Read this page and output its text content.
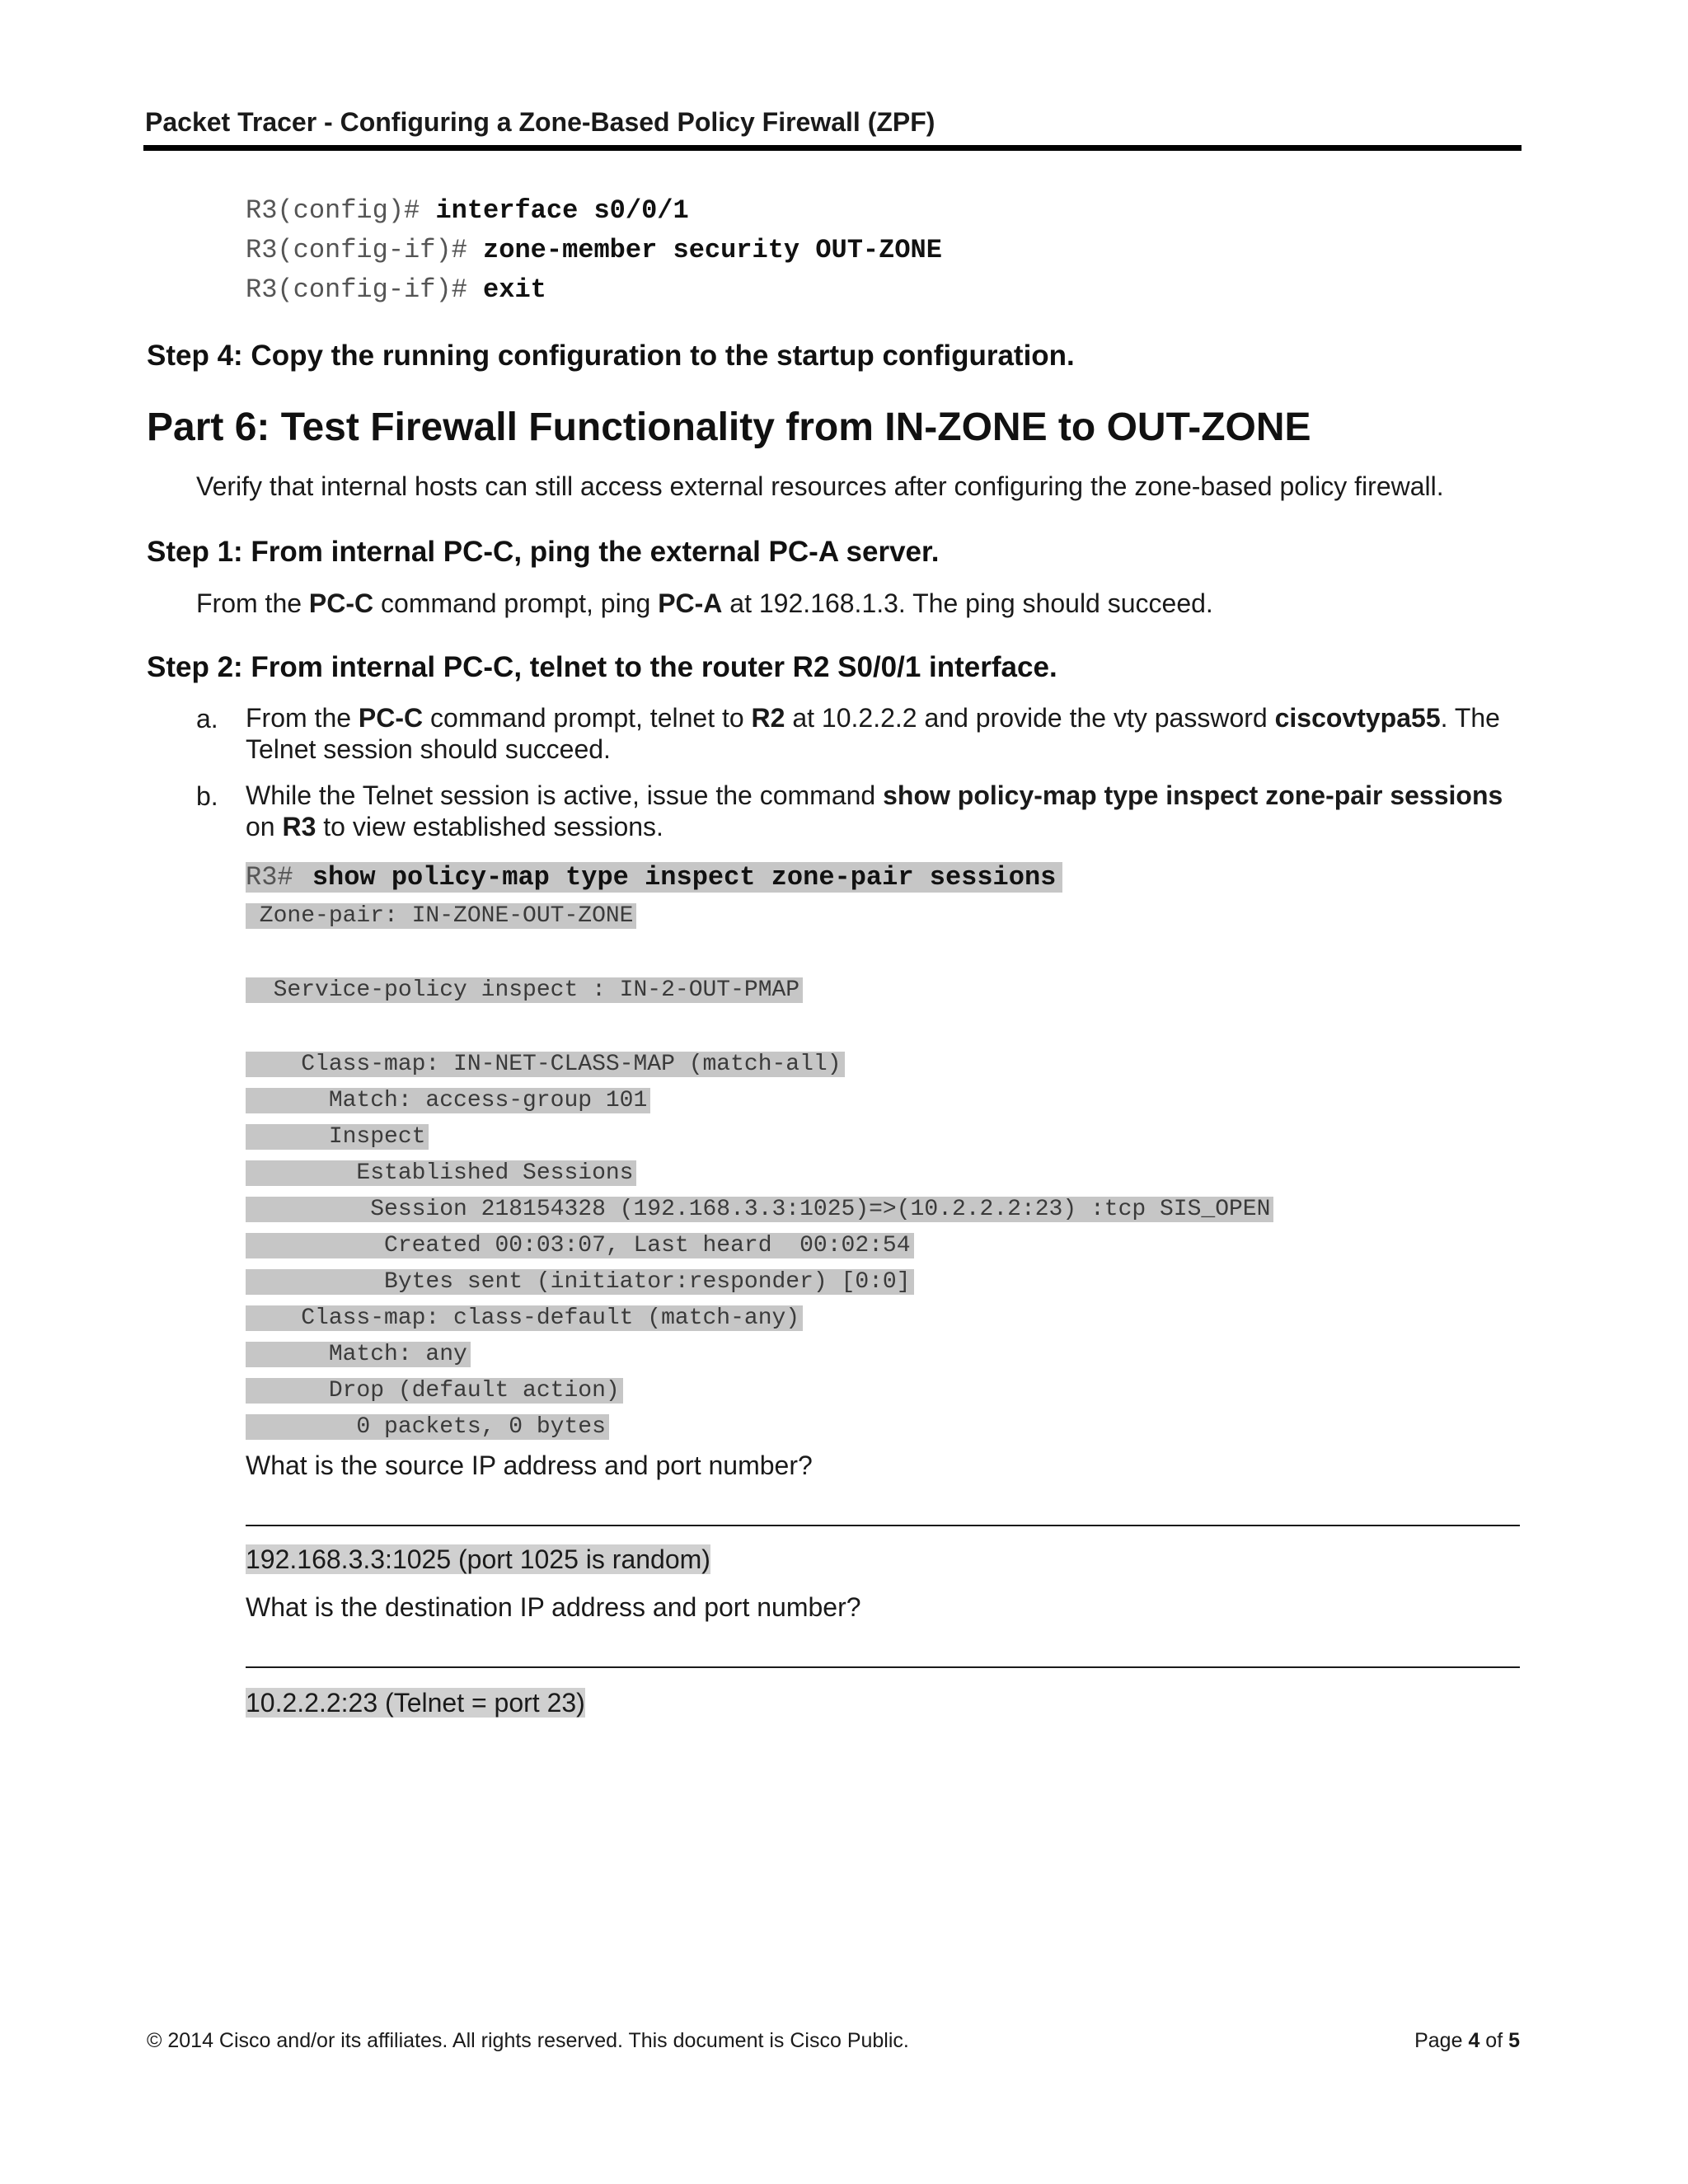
Packet Tracer - Configuring a Zone-Based Policy Firewall (ZPF)
R3(config)# interface s0/0/1
R3(config-if)# zone-member security OUT-ZONE
R3(config-if)# exit
Step 4: Copy the running configuration to the startup configuration.
Part 6: Test Firewall Functionality from IN-ZONE to OUT-ZONE
Verify that internal hosts can still access external resources after configuring the zone-based policy firewall.
Step 1: From internal PC-C, ping the external PC-A server.
From the PC-C command prompt, ping PC-A at 192.168.1.3. The ping should succeed.
Step 2: From internal PC-C, telnet to the router R2 S0/0/1 interface.
a. From the PC-C command prompt, telnet to R2 at 10.2.2.2 and provide the vty password ciscovtypa55. The Telnet session should succeed.
b. While the Telnet session is active, issue the command show policy-map type inspect zone-pair sessions on R3 to view established sessions.
R3# show policy-map type inspect zone-pair sessions
Zone-pair: IN-ZONE-OUT-ZONE
Service-policy inspect : IN-2-OUT-PMAP
Class-map: IN-NET-CLASS-MAP (match-all)
Match: access-group 101
Inspect
Established Sessions
Session 218154328 (192.168.3.3:1025)=>(10.2.2.2:23) :tcp SIS_OPEN
Created 00:03:07, Last heard  00:02:54
Bytes sent (initiator:responder) [0:0]
Class-map: class-default (match-any)
Match: any
Drop (default action)
0 packets, 0 bytes
What is the source IP address and port number?
192.168.3.3:1025 (port 1025 is random)
What is the destination IP address and port number?
10.2.2.2:23 (Telnet = port 23)
© 2014 Cisco and/or its affiliates. All rights reserved. This document is Cisco Public.	Page 4 of 5
